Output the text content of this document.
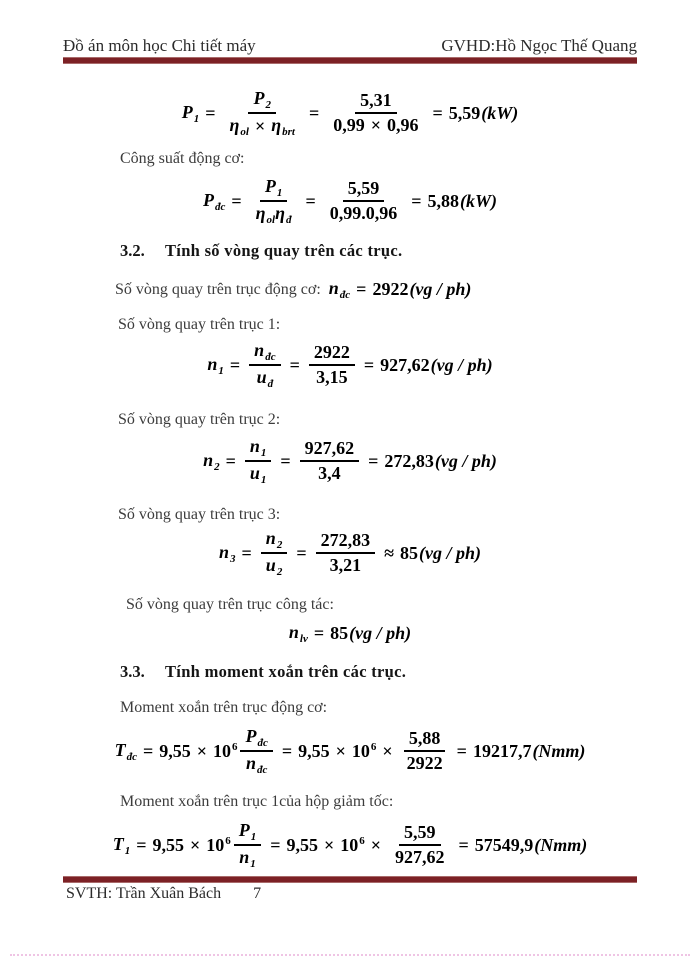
Đồ án môn học Chi tiết máy	GVHD:Hồ Ngọc Thế Quang
$P_1 = \frac{P_2}{\eta_{ol} \times \eta_{brt}} = \frac{5,31}{0,99 \times 0,96} = 5,59$ (kW)
Công suất động cơ:
$P_{đc} = \frac{P_1}{\eta_{ol} \eta_đ} = \frac{5,59}{0,99.0,96} = 5,88$ (kW)
3.2.	Tính số vòng quay trên các trục.
Số vòng quay trên trục động cơ: $n_{đc} = 2922$ (vg / ph)
Số vòng quay trên trục 1:
$n_1 = \frac{n_{đc}}{u_đ} = \frac{2922}{3,15} = 927,62$ (vg / ph)
Số vòng quay trên trục 2:
$n_2 = \frac{n_1}{u_1} = \frac{927,62}{3,4} = 272,83$ (vg / ph)
Số vòng quay trên trục 3:
$n_3 = \frac{n_2}{u_2} = \frac{272,83}{3,21} \approx 85$ (vg / ph)
Số vòng quay trên trục công tác:
$n_{lv} = 85$ (vg / ph)
3.3.	Tính moment xoắn trên các trục.
Moment xoắn trên trục động cơ:
$T_{đc} = 9,55 \times 10^6 \frac{P_{đc}}{n_{đc}} = 9,55 \times 10^6 \times \frac{5,88}{2922} = 19217,7$ (Nmm)
Moment xoắn trên trục 1của hộp giảm tốc:
$T_1 = 9,55 \times 10^6 \frac{P_1}{n_1} = 9,55 \times 10^6 \times \frac{5,59}{927,62} = 57549,9$ (Nmm)
SVTH: Trần Xuân Bách 7
